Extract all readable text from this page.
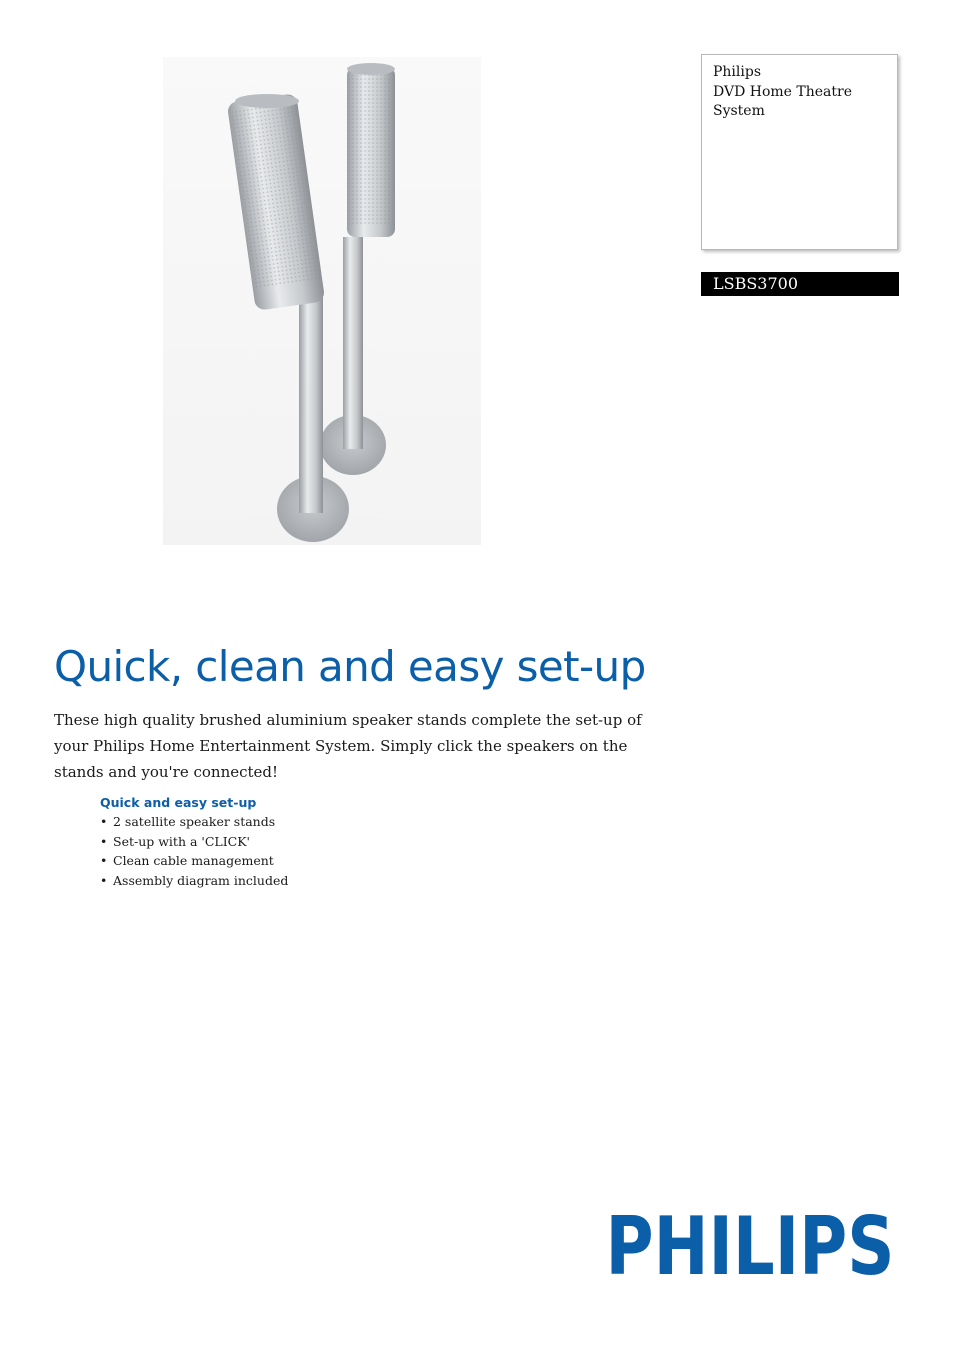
Philips
DVD Home Theatre
System
LSBS3700
Quick, clean and easy set-up

These high quality brushed aluminium speaker stands complete the set-up of your Philips Home Entertainment System. Simply click the speakers on the stands and you're connected!

Quick and easy set-up
• 2 satellite speaker stands
• Set-up with a 'CLICK'
• Clean cable management
• Assembly diagram included
PHILIPS
